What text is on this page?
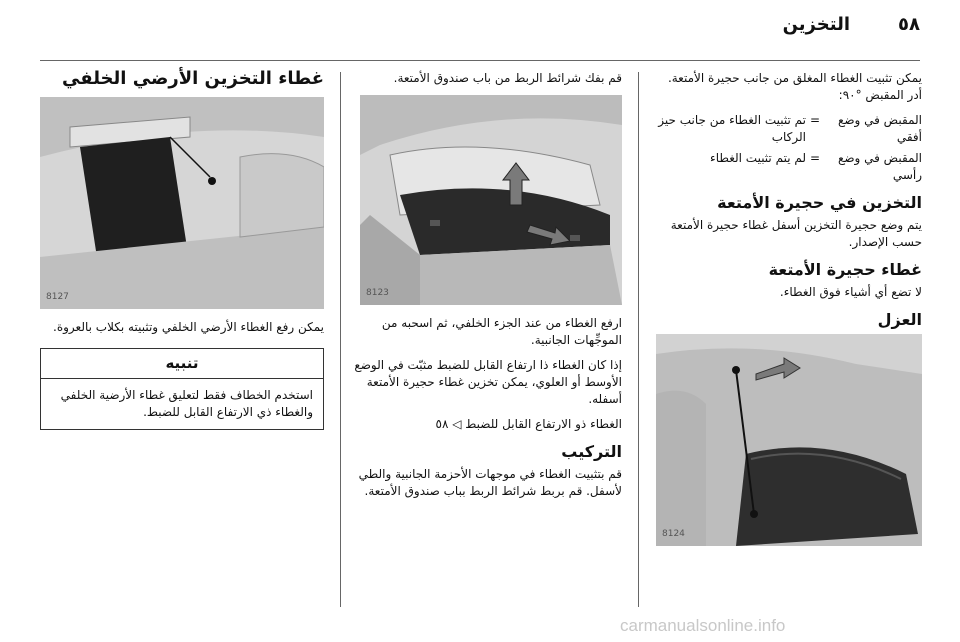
٥٨
التخزين

يمكن تثبيت الغطاء المغلق من جانب حجيرة الأمتعة. أدر المقبض °٩٠:

المقبض في وضع أفقي
=
تم تثبيت الغطاء من جانب حيز الركاب
المقبض في وضع رأسي
=
لم يتم تثبيت الغطاء
التخزين في حجيرة الأمتعة

يتم وضع حجيرة التخزين أسفل غطاء حجيرة الأمتعة حسب الإصدار.

غطاء حجيرة الأمتعة

لا تضع أي أشياء فوق الغطاء.

العزل
8124

قم بفك شرائط الربط من باب صندوق الأمتعة.

8123

ارفع الغطاء من عند الجزء الخلفي، ثم اسحبه من الموجِّهات الجانبية.

إذا كان الغطاء ذا ارتفاع القابل للضبط مثبّت في الوضع الأوسط أو العلوي، يمكن تخزين غطاء حجيرة الأمتعة أسفله.

الغطاء ذو الارتفاع القابل للضبط ◁ ٥٨

التركيب

قم بتثبيت الغطاء في موجهات الأحزمة الجانبية والطي لأسفل. قم بربط شرائط الربط بباب صندوق الأمتعة.

غطاء التخزين الأرضي الخلفي
8127

يمكن رفع الغطاء الأرضي الخلفي وتثبيته بكلاب بالعروة.

تنبيه
استخدم الخطاف فقط لتعليق غطاء الأرضية الخلفي والغطاء ذي الارتفاع القابل للضبط.
carmanualsonline.info
